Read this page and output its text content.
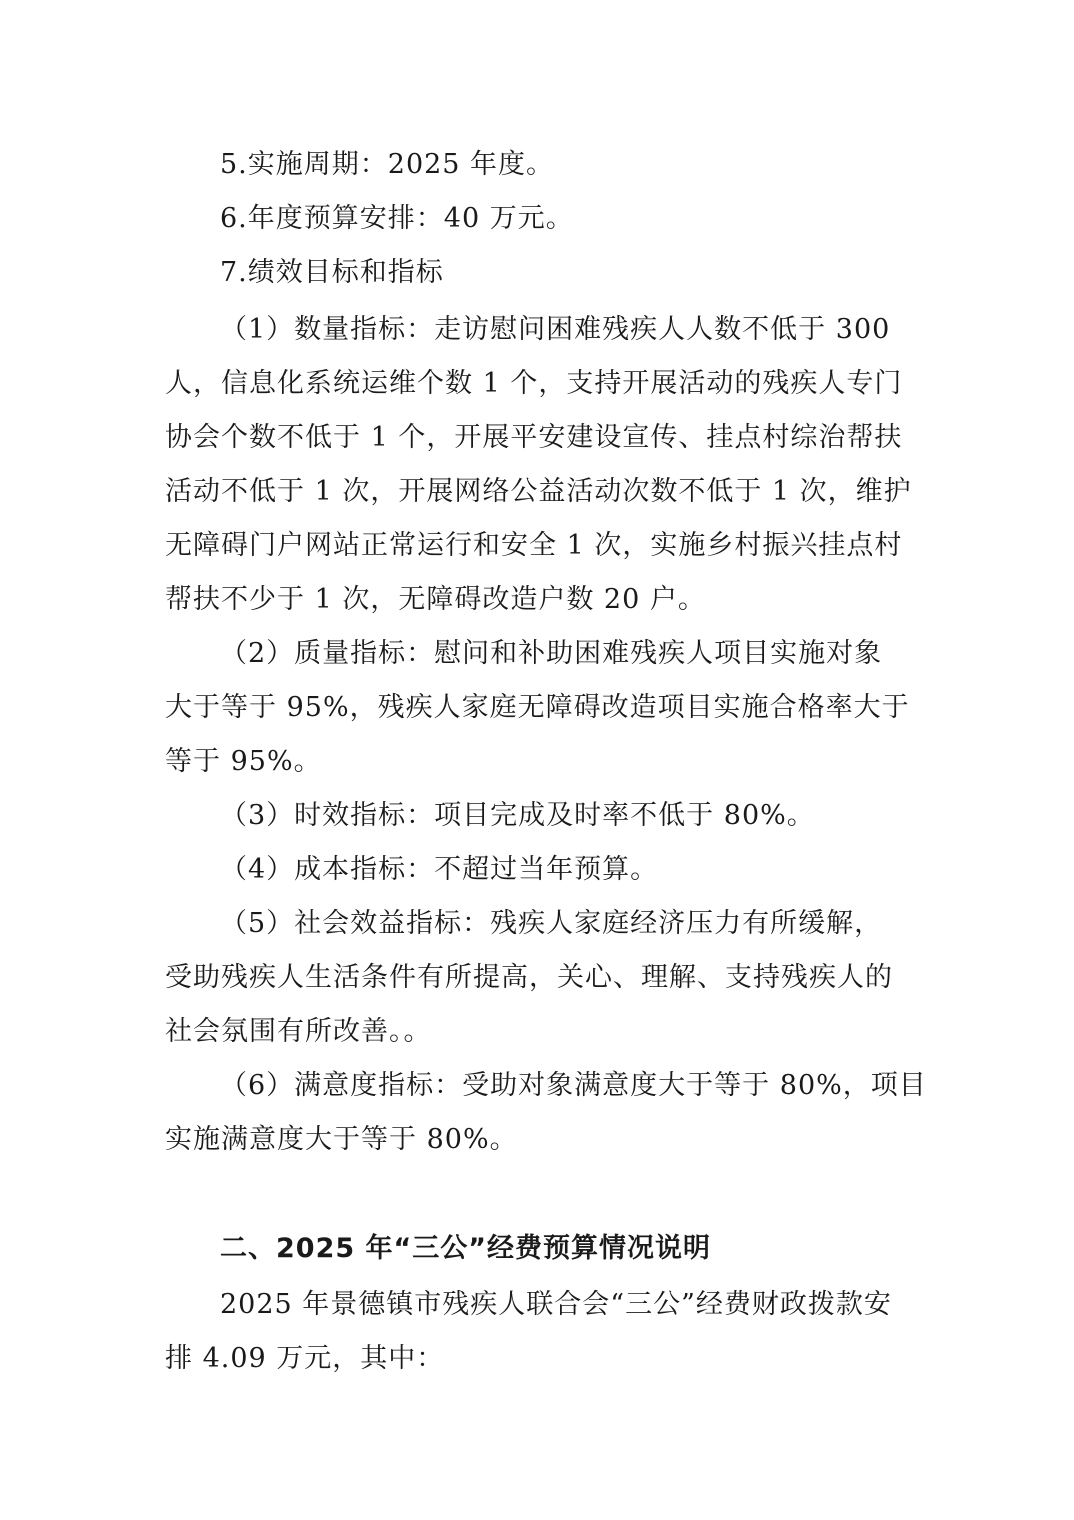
5.实施周期：2025 年度。
6.年度预算安排：40 万元。
7.绩效目标和指标
（1）数量指标：走访慰问困难残疾人人数不低于 300
人，信息化系统运维个数 1 个，支持开展活动的残疾人专门
协会个数不低于 1 个，开展平安建设宣传、挂点村综治帮扶
活动不低于 1 次，开展网络公益活动次数不低于 1 次，维护
无障碍门户网站正常运行和安全 1 次，实施乡村振兴挂点村
帮扶不少于 1 次，无障碍改造户数 20 户。
（2）质量指标：慰问和补助困难残疾人项目实施对象
大于等于 95%，残疾人家庭无障碍改造项目实施合格率大于
等于 95%。
（3）时效指标：项目完成及时率不低于 80%。
（4）成本指标：不超过当年预算。
（5）社会效益指标：残疾人家庭经济压力有所缓解，
受助残疾人生活条件有所提高，关心、理解、支持残疾人的
社会氛围有所改善。。
（6）满意度指标：受助对象满意度大于等于 80%，项目
实施满意度大于等于 80%。
二、2025 年“三公”经费预算情况说明
2025 年景德镇市残疾人联合会“三公”经费财政拨款安
排 4.09 万元，其中：
